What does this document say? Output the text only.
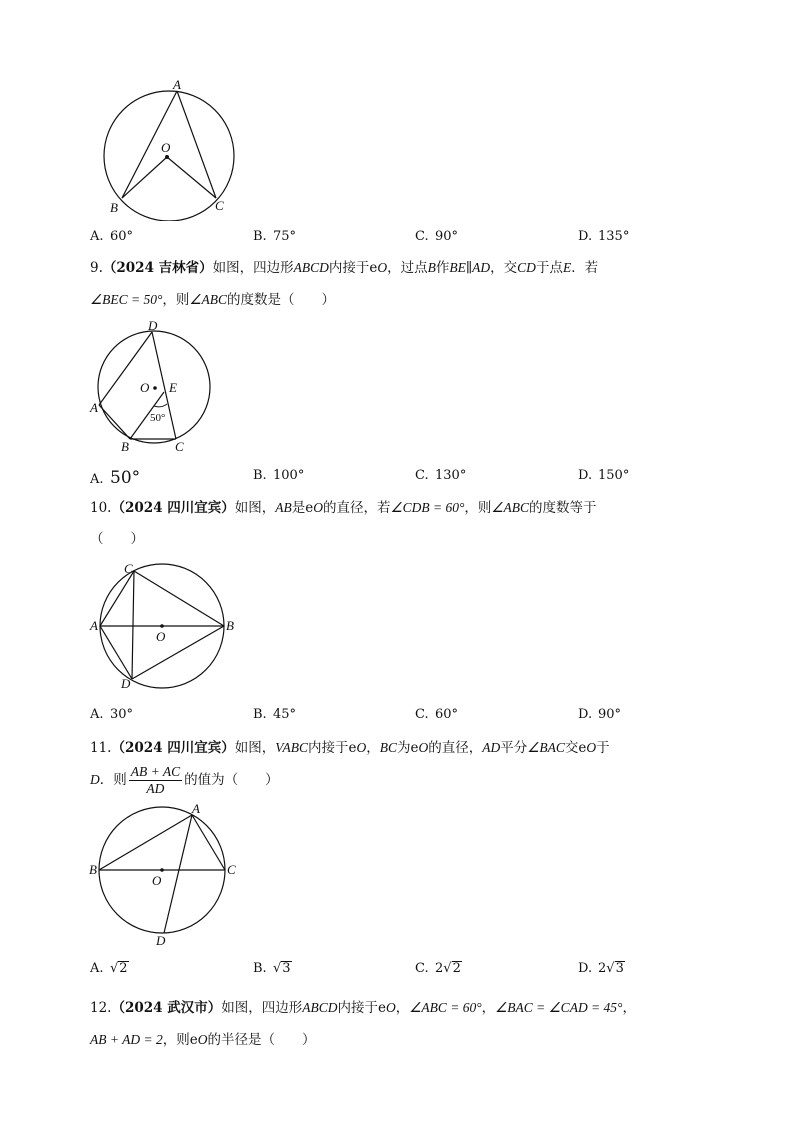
A
O
B	C
A. 60°	B. 75°	C. 90°	D. 135°
9.（2024 吉林省）如图，四边形ABCD内接于eO，过点B作BE∥AD，交CD于点E．若
∠BEC = 50°，则∠ABC的度数是（　　）
D
O E
A
B	C
50°
A. 50°	B. 100°	C. 130°	D. 150°
10.（2024 四川宜宾）如图，AB是eO的直径，若∠CDB = 60°，则∠ABC的度数等于
（　　）
C
A
O
B
D
A. 30°	B. 45°	C. 60°	D. 90°
11.（2024 四川宜宾）如图，VABC内接于eO，BC为eO的直径，AD平分∠BAC交eO于
D．则 $\frac{AB + AC}{AD}$ 的值为（　　）
A
B
O
C
D
A. √2	B. √3	C. 2√2	D. 2√3
12.（2024 武汉市）如图，四边形ABCD内接于eO，∠ABC = 60°，∠BAC = ∠CAD = 45°，
AB + AD = 2，则eO的半径是（　　）
